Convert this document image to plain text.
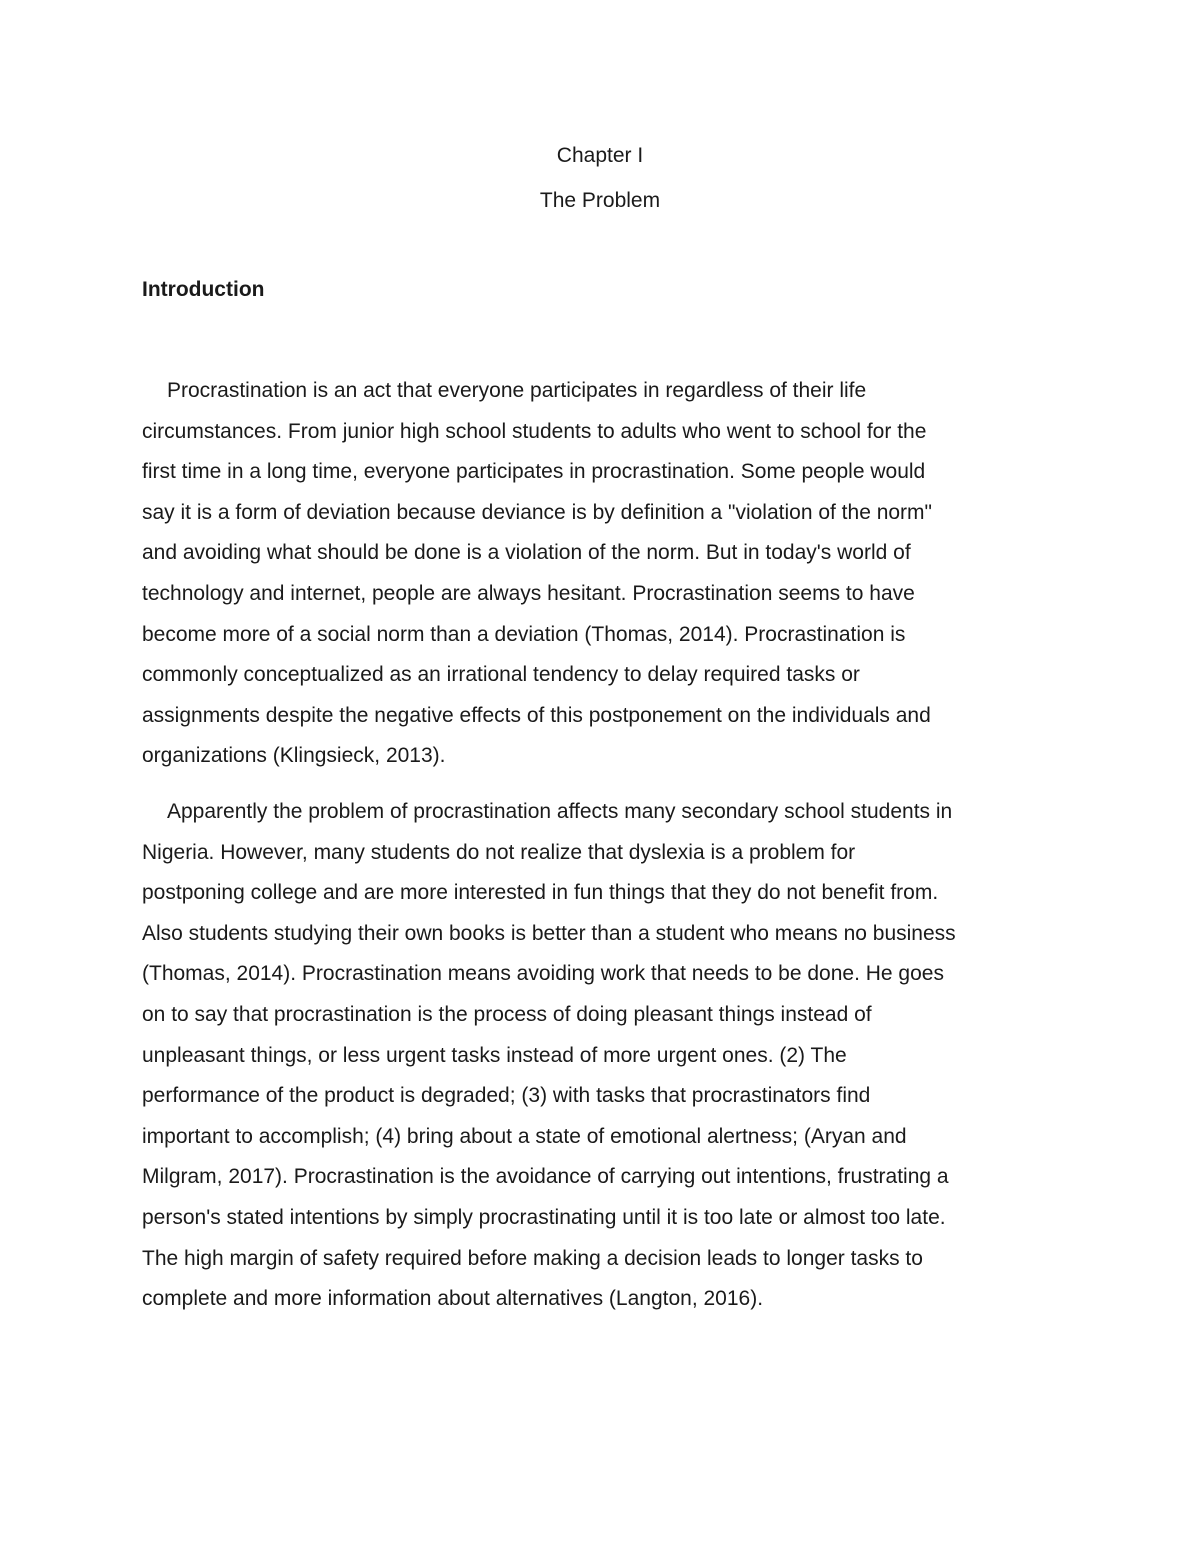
Chapter I
The Problem
Introduction
Procrastination is an act that everyone participates in regardless of their life
circumstances. From junior high school students to adults who went to school for the
first time in a long time, everyone participates in procrastination. Some people would
say it is a form of deviation because deviance is by definition a "violation of the norm"
and avoiding what should be done is a violation of the norm. But in today's world of
technology and internet, people are always hesitant. Procrastination seems to have
become more of a social norm than a deviation (Thomas, 2014). Procrastination is
commonly conceptualized as an irrational tendency to delay required tasks or
assignments despite the negative effects of this postponement on the individuals and
organizations (Klingsieck, 2013).
Apparently the problem of procrastination affects many secondary school students in
Nigeria. However, many students do not realize that dyslexia is a problem for
postponing college and are more interested in fun things that they do not benefit from.
Also students studying their own books is better than a student who means no business
(Thomas, 2014). Procrastination means avoiding work that needs to be done. He goes
on to say that procrastination is the process of doing pleasant things instead of
unpleasant things, or less urgent tasks instead of more urgent ones. (2) The
performance of the product is degraded; (3) with tasks that procrastinators find
important to accomplish; (4) bring about a state of emotional alertness; (Aryan and
Milgram, 2017). Procrastination is the avoidance of carrying out intentions, frustrating a
person's stated intentions by simply procrastinating until it is too late or almost too late.
The high margin of safety required before making a decision leads to longer tasks to
complete and more information about alternatives (Langton, 2016).
